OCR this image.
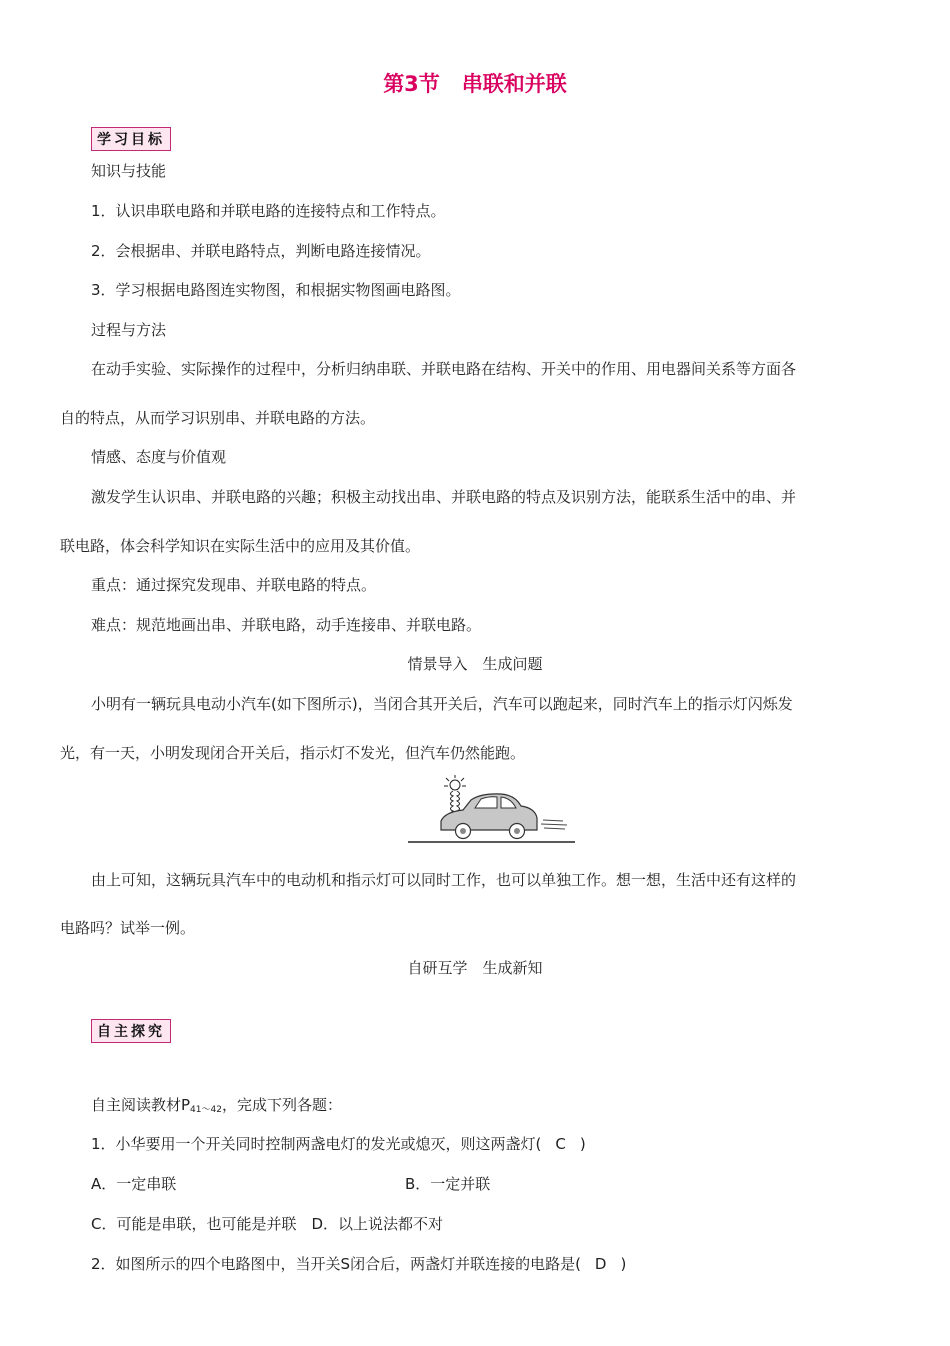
第3节 串联和并联
学习目标
知识与技能
1．认识串联电路和并联电路的连接特点和工作特点。
2．会根据串、并联电路特点，判断电路连接情况。
3．学习根据电路图连实物图，和根据实物图画电路图。
过程与方法
在动手实验、实际操作的过程中，分析归纳串联、并联电路在结构、开关中的作用、用电器间关系等方面各
自的特点，从而学习识别串、并联电路的方法。
情感、态度与价值观
激发学生认识串、并联电路的兴趣；积极主动找出串、并联电路的特点及识别方法，能联系生活中的串、并
联电路，体会科学知识在实际生活中的应用及其价值。
重点：通过探究发现串、并联电路的特点。
难点：规范地画出串、并联电路，动手连接串、并联电路。
情景导入　生成问题
小明有一辆玩具电动小汽车(如下图所示)，当闭合其开关后，汽车可以跑起来，同时汽车上的指示灯闪烁发
光，有一天，小明发现闭合开关后，指示灯不发光，但汽车仍然能跑。
由上可知，这辆玩具汽车中的电动机和指示灯可以同时工作，也可以单独工作。想一想，生活中还有这样的
电路吗？试举一例。
自研互学　生成新知
自主探究
自主阅读教材$P_{41\sim 42}$，完成下列各题：
1．小华要用一个开关同时控制两盏电灯的发光或熄灭，则这两盏灯( C )
A．一定串联	B．一定并联
C．可能是串联，也可能是并联　D．以上说法都不对
2．如图所示的四个电路图中，当开关S闭合后，两盏灯并联连接的电路是( D )
